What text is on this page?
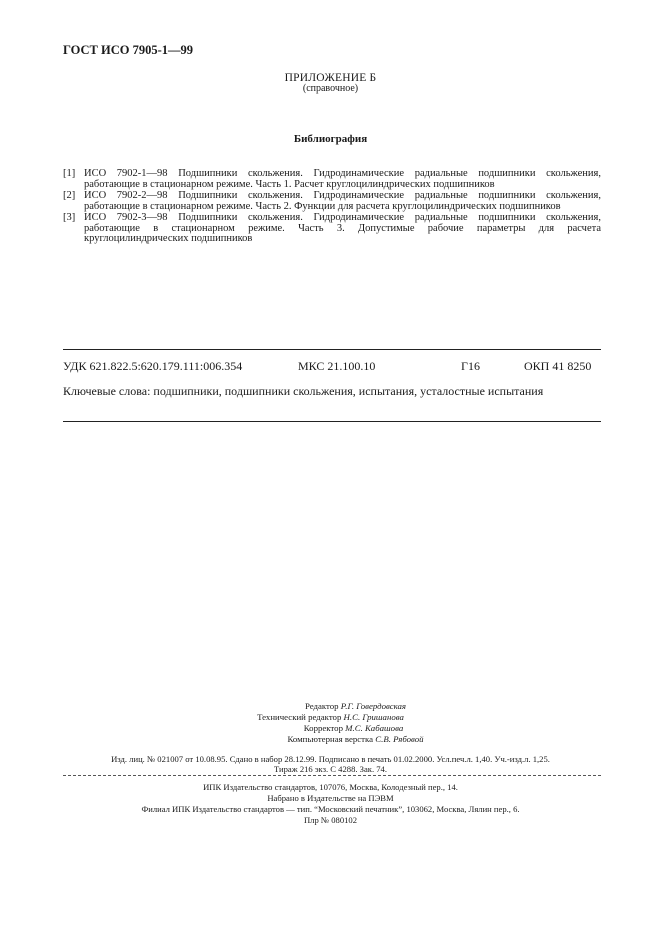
ГОСТ ИСО 7905-1—99
ПРИЛОЖЕНИЕ Б
(справочное)
Библиография
[1] ИСО 7902-1—98 Подшипники скольжения. Гидродинамические радиальные подшипники скольжения, работающие в стационарном режиме. Часть 1. Расчет круглоцилиндрических подшипников
[2] ИСО 7902-2—98 Подшипники скольжения. Гидродинамические радиальные подшипники скольжения, работающие в стационарном режиме. Часть 2. Функции для расчета круглоцилиндрических подшипников
[3] ИСО 7902-3—98 Подшипники скольжения. Гидродинамические радиальные подшипники скольжения, работающие в стационарном режиме. Часть 3. Допустимые рабочие параметры для расчета круглоцилиндрических подшипников
УДК 621.822.5:620.179.111:006.354	МКС 21.100.10	Г16	ОКП 41 8250
Ключевые слова: подшипники, подшипники скольжения, испытания, усталостные испытания
Редактор Р.Г. Говердовская
Технический редактор Н.С. Гришанова
Корректор М.С. Кабашова
Компьютерная верстка С.В. Рябовой
Изд. лиц. № 021007 от 10.08.95. Сдано в набор 28.12.99. Подписано в печать 01.02.2000. Усл.печ.л. 1,40. Уч.-изд.л. 1,25.
Тираж 216 экз. С 4288. Зак. 74.
ИПК Издательство стандартов, 107076, Москва, Колодезный пер., 14.
Набрано в Издательстве на ПЭВМ
Филиал ИПК Издательство стандартов — тип. “Московский печатник”, 103062, Москва, Лялин пер., 6.
Плр № 080102
